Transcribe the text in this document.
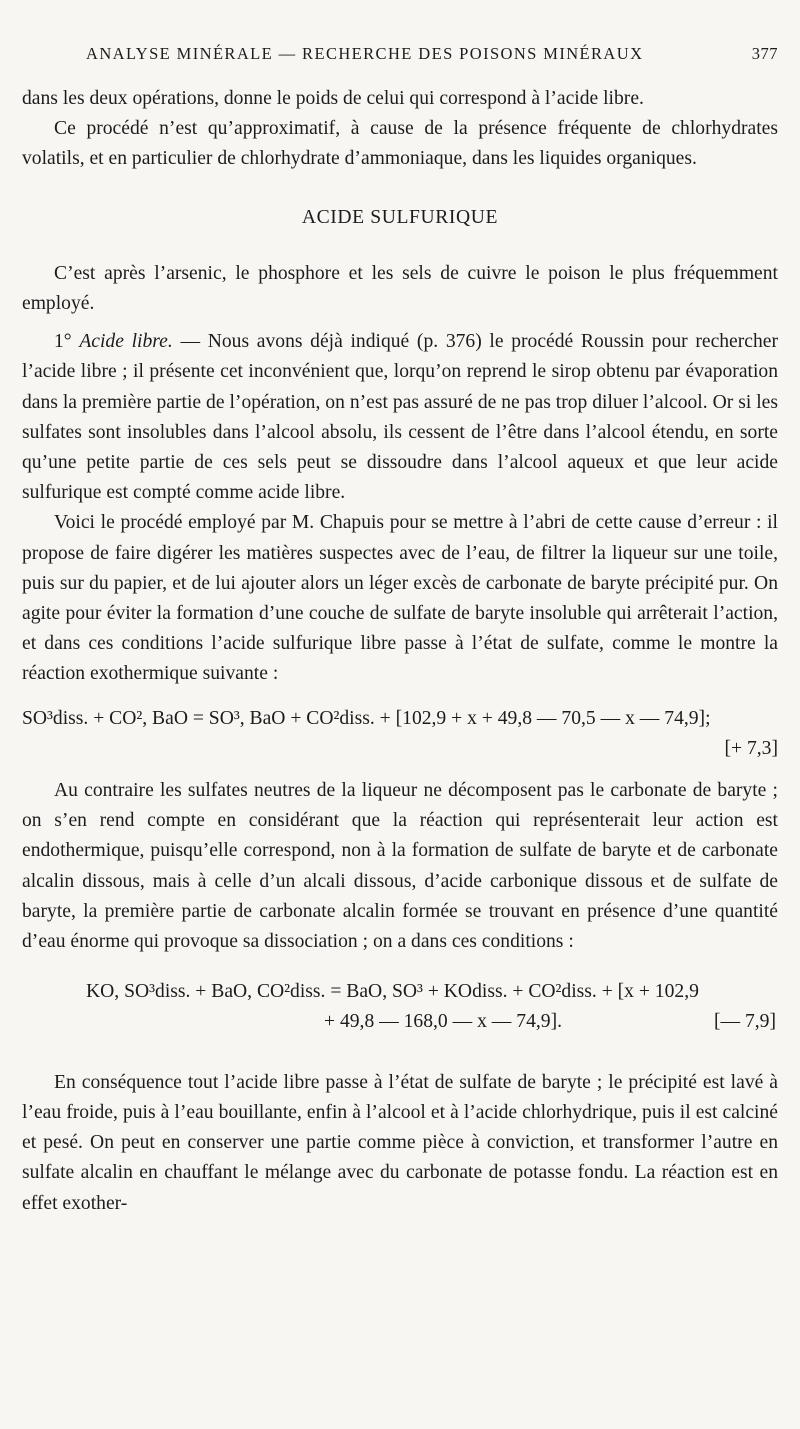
ANALYSE MINÉRALE — RECHERCHE DES POISONS MINÉRAUX	377

dans les deux opérations, donne le poids de celui qui correspond à l’acide libre.

Ce procédé n’est qu’approximatif, à cause de la présence fréquente de chlorhydrates volatils, et en particulier de chlorhydrate d’ammoniaque, dans les liquides organiques.

ACIDE SULFURIQUE

C’est après l’arsenic, le phosphore et les sels de cuivre le poison le plus fréquemment employé.

1° Acide libre. — Nous avons déjà indiqué (p. 376) le procédé Roussin pour rechercher l’acide libre ; il présente cet inconvénient que, lorqu’on reprend le sirop obtenu par évaporation dans la première partie de l’opération, on n’est pas assuré de ne pas trop diluer l’alcool. Or si les sulfates sont insolubles dans l’alcool absolu, ils cessent de l’être dans l’alcool étendu, en sorte qu’une petite partie de ces sels peut se dissoudre dans l’alcool aqueux et que leur acide sulfurique est compté comme acide libre.

Voici le procédé employé par M. Chapuis pour se mettre à l’abri de cette cause d’erreur : il propose de faire digérer les matières suspectes avec de l’eau, de filtrer la liqueur sur une toile, puis sur du papier, et de lui ajouter alors un léger excès de carbonate de baryte précipité pur. On agite pour éviter la formation d’une couche de sulfate de baryte insoluble qui arrêterait l’action, et dans ces conditions l’acide sulfurique libre passe à l’état de sulfate, comme le montre la réaction exothermique suivante :

SO³diss. + CO², BaO = SO³, BaO + CO²diss. + [102,9 + x + 49,8 — 70,5 — x — 74,9];
[+ 7,3]

Au contraire les sulfates neutres de la liqueur ne décomposent pas le carbonate de baryte ; on s’en rend compte en considérant que la réaction qui représenterait leur action est endothermique, puisqu’elle correspond, non à la formation de sulfate de baryte et de carbonate alcalin dissous, mais à celle d’un alcali dissous, d’acide carbonique dissous et de sulfate de baryte, la première partie de carbonate alcalin formée se trouvant en présence d’une quantité d’eau énorme qui provoque sa dissociation ; on a dans ces conditions :

KO, SO³diss. + BaO, CO²diss. = BaO, SO³ + KOdiss. + CO²diss. + [x + 102,9
+ 49,8 — 168,0 — x — 74,9].	[— 7,9]

En conséquence tout l’acide libre passe à l’état de sulfate de baryte ; le précipité est lavé à l’eau froide, puis à l’eau bouillante, enfin à l’alcool et à l’acide chlorhydrique, puis il est calciné et pesé. On peut en conserver une partie comme pièce à conviction, et transformer l’autre en sulfate alcalin en chauffant le mélange avec du carbonate de potasse fondu. La réaction est en effet exother-
